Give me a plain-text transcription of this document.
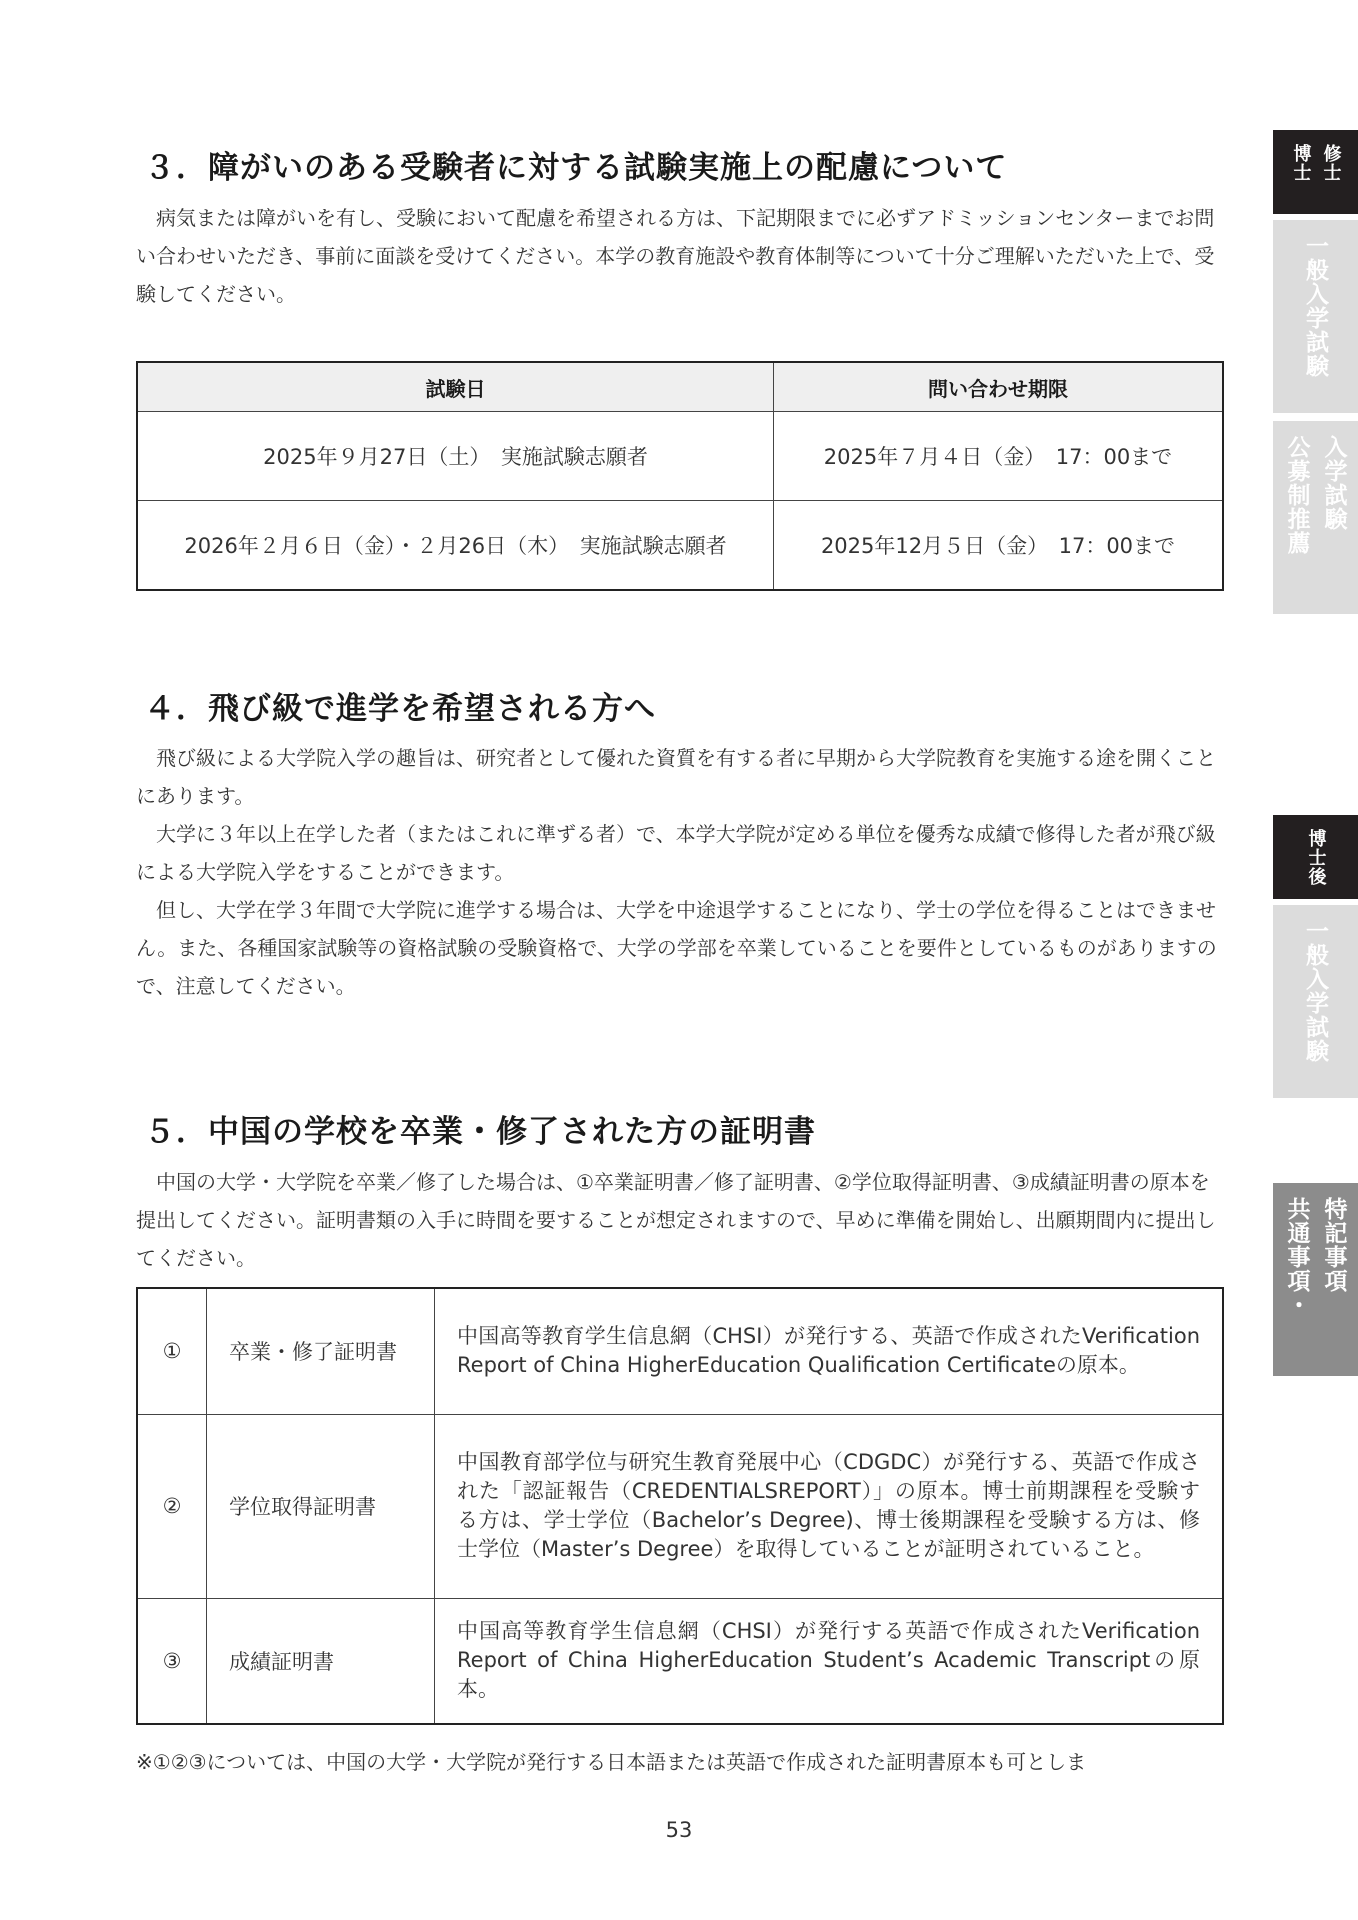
３．障がいのある受験者に対する試験実施上の配慮について

病気または障がいを有し、受験において配慮を希望される方は、下記期限までに必ずアドミッションセンターまでお問い合わせいただき、事前に面談を受けてください。本学の教育施設や教育体制等について十分ご理解いただいた上で、受験してください。

試験日	問い合わせ期限
2025年９月27日（土）　実施試験志願者	2025年７月４日（金）　17：00まで
2026年２月６日（金）・２月26日（木）　実施試験志願者	2025年12月５日（金）　17：00まで
４．飛び級で進学を希望される方へ

飛び級による大学院入学の趣旨は、研究者として優れた資質を有する者に早期から大学院教育を実施する途を開くことにあります。

大学に３年以上在学した者（またはこれに準ずる者）で、本学大学院が定める単位を優秀な成績で修得した者が飛び級による大学院入学をすることができます。

但し、大学在学３年間で大学院に進学する場合は、大学を中途退学することになり、学士の学位を得ることはできません。また、各種国家試験等の資格試験の受験資格で、大学の学部を卒業していることを要件としているものがありますので、注意してください。

５．中国の学校を卒業・修了された方の証明書

中国の大学・大学院を卒業／修了した場合は、①卒業証明書／修了証明書、②学位取得証明書、③成績証明書の原本を提出してください。証明書類の入手に時間を要することが想定されますので、早めに準備を開始し、出願期間内に提出してください。

①	卒業・修了証明書	中国高等教育学生信息網（CHSI）が発行する、英語で作成されたVerification Report of China HigherEducation Qualification Certificateの原本。
②	学位取得証明書	中国教育部学位与研究生教育発展中心（CDGDC）が発行する、英語で作成された「認証報告（CREDENTIALSREPORT）」の原本。博士前期課程を受験する方は、学士学位（Bachelor’s Degree)、博士後期課程を受験する方は、修士学位（Master’s Degree）を取得していることが証明されていること。
③	成績証明書	中国高等教育学生信息網（CHSI）が発行する英語で作成されたVerification Report of China HigherEducation Student’s Academic Transcriptの原本。
※①②③については、中国の大学・大学院が発行する日本語または英語で作成された証明書原本も可としま
53
博士 修士
一般入学試験
公募制推薦 入学試験
博士後
一般入学試験
共通事項・ 特記事項
